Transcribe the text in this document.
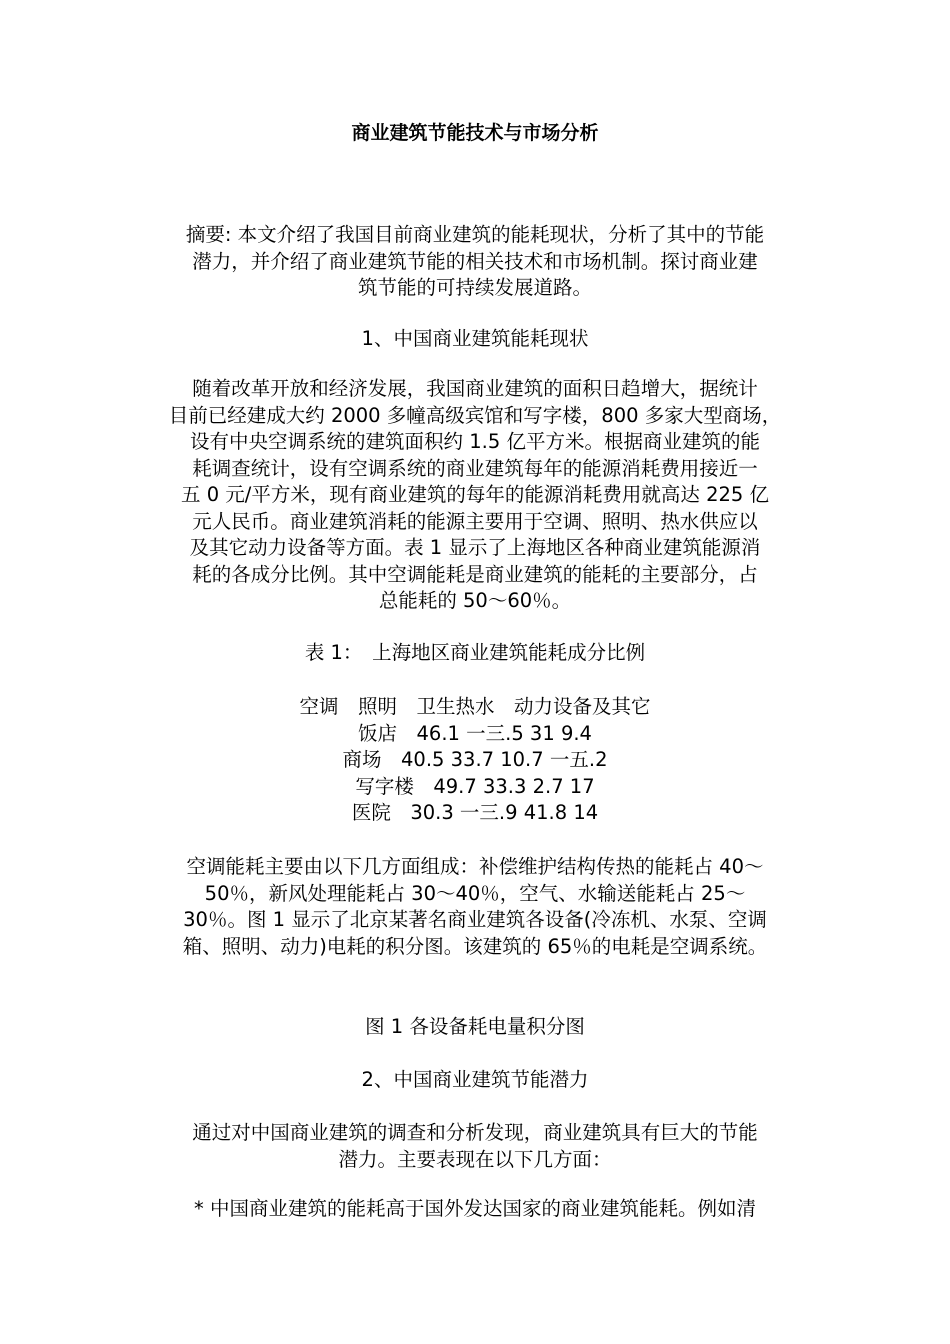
商业建筑节能技术与市场分析
摘要: 本文介绍了我国目前商业建筑的能耗现状，分析了其中的节能
潜力，并介绍了商业建筑节能的相关技术和市场机制。探讨商业建
筑节能的可持续发展道路。
1、中国商业建筑能耗现状
随着改革开放和经济发展，我国商业建筑的面积日趋增大，据统计
目前已经建成大约 2000 多幢高级宾馆和写字楼，800 多家大型商场，
设有中央空调系统的建筑面积约 1.5 亿平方米。根据商业建筑的能
耗调查统计，设有空调系统的商业建筑每年的能源消耗费用接近一
五 0 元/平方米，现有商业建筑的每年的能源消耗费用就高达 225 亿
元人民币。商业建筑消耗的能源主要用于空调、照明、热水供应以
及其它动力设备等方面。表 1 显示了上海地区各种商业建筑能源消
耗的各成分比例。其中空调能耗是商业建筑的能耗的主要部分，占
总能耗的 50～60％。
表 1：　上海地区商业建筑能耗成分比例
空调　照明　卫生热水　动力设备及其它
饭店　46.1 一三.5 31 9.4
商场　40.5 33.7 10.7 一五.2
写字楼　49.7 33.3 2.7 17
医院　30.3 一三.9 41.8 14
空调能耗主要由以下几方面组成：补偿维护结构传热的能耗占 40～
50％，新风处理能耗占 30～40％，空气、水输送能耗占 25～
30％。图 1 显示了北京某著名商业建筑各设备(冷冻机、水泵、空调
箱、照明、动力)电耗的积分图。该建筑的 65％的电耗是空调系统。
图 1 各设备耗电量积分图
2、中国商业建筑节能潜力
通过对中国商业建筑的调查和分析发现，商业建筑具有巨大的节能
潜力。主要表现在以下几方面：
* 中国商业建筑的能耗高于国外发达国家的商业建筑能耗。例如清
